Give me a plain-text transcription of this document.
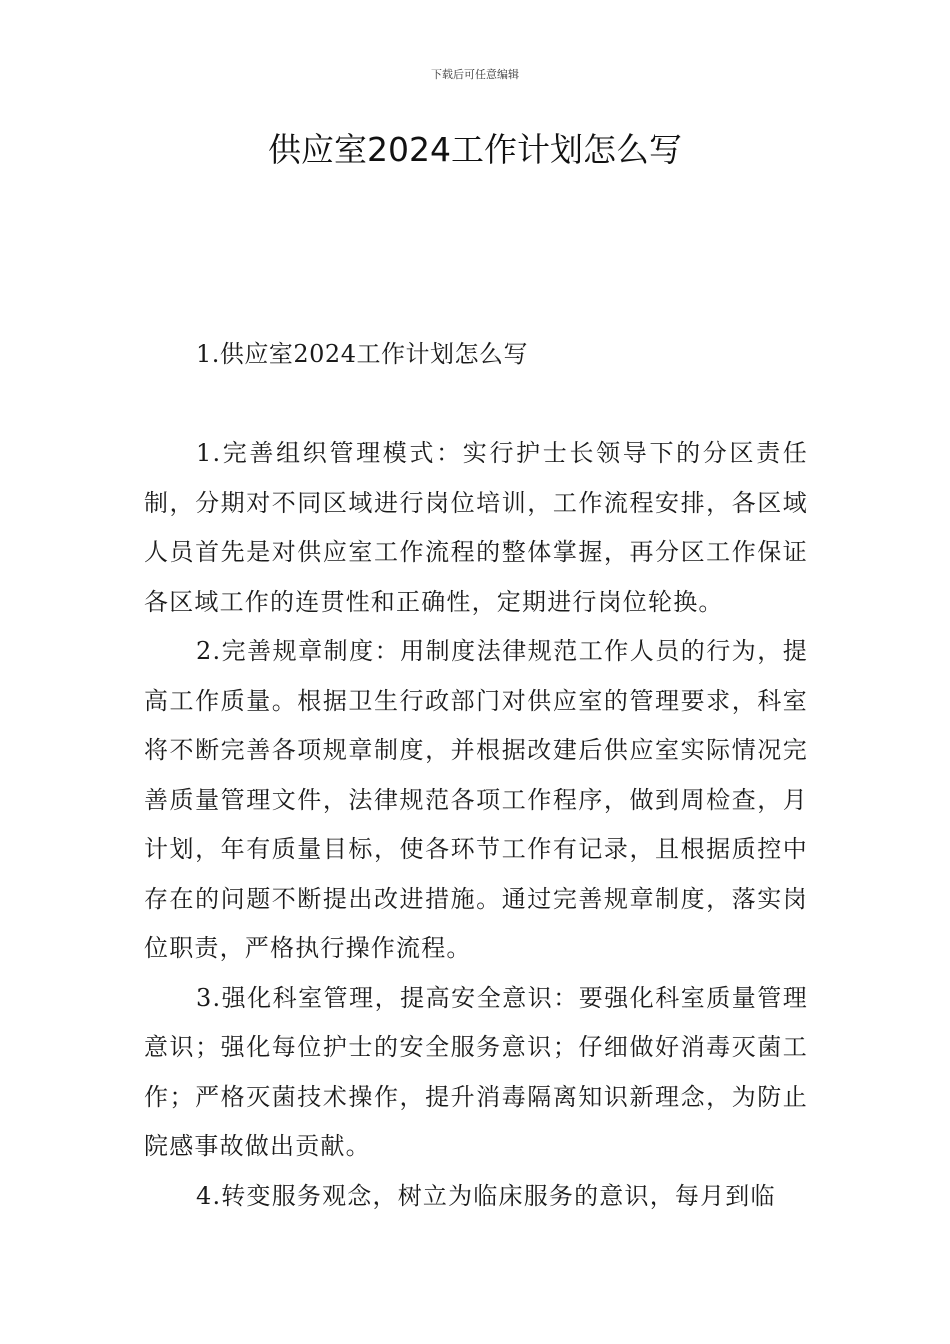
下载后可任意编辑
供应室2024工作计划怎么写

1.供应室2024工作计划怎么写

1.完善组织管理模式：实行护士长领导下的分区责任制，分期对不同区域进行岗位培训，工作流程安排，各区域人员首先是对供应室工作流程的整体掌握，再分区工作保证各区域工作的连贯性和正确性，定期进行岗位轮换。

2.完善规章制度：用制度法律规范工作人员的行为，提高工作质量。根据卫生行政部门对供应室的管理要求，科室将不断完善各项规章制度，并根据改建后供应室实际情况完善质量管理文件，法律规范各项工作程序，做到周检查，月计划，年有质量目标，使各环节工作有记录，且根据质控中存在的问题不断提出改进措施。通过完善规章制度，落实岗位职责，严格执行操作流程。

3.强化科室管理，提高安全意识：要强化科室质量管理意识；强化每位护士的安全服务意识；仔细做好消毒灭菌工作；严格灭菌技术操作，提升消毒隔离知识新理念，为防止院感事故做出贡献。

4.转变服务观念，树立为临床服务的意识，每月到临
